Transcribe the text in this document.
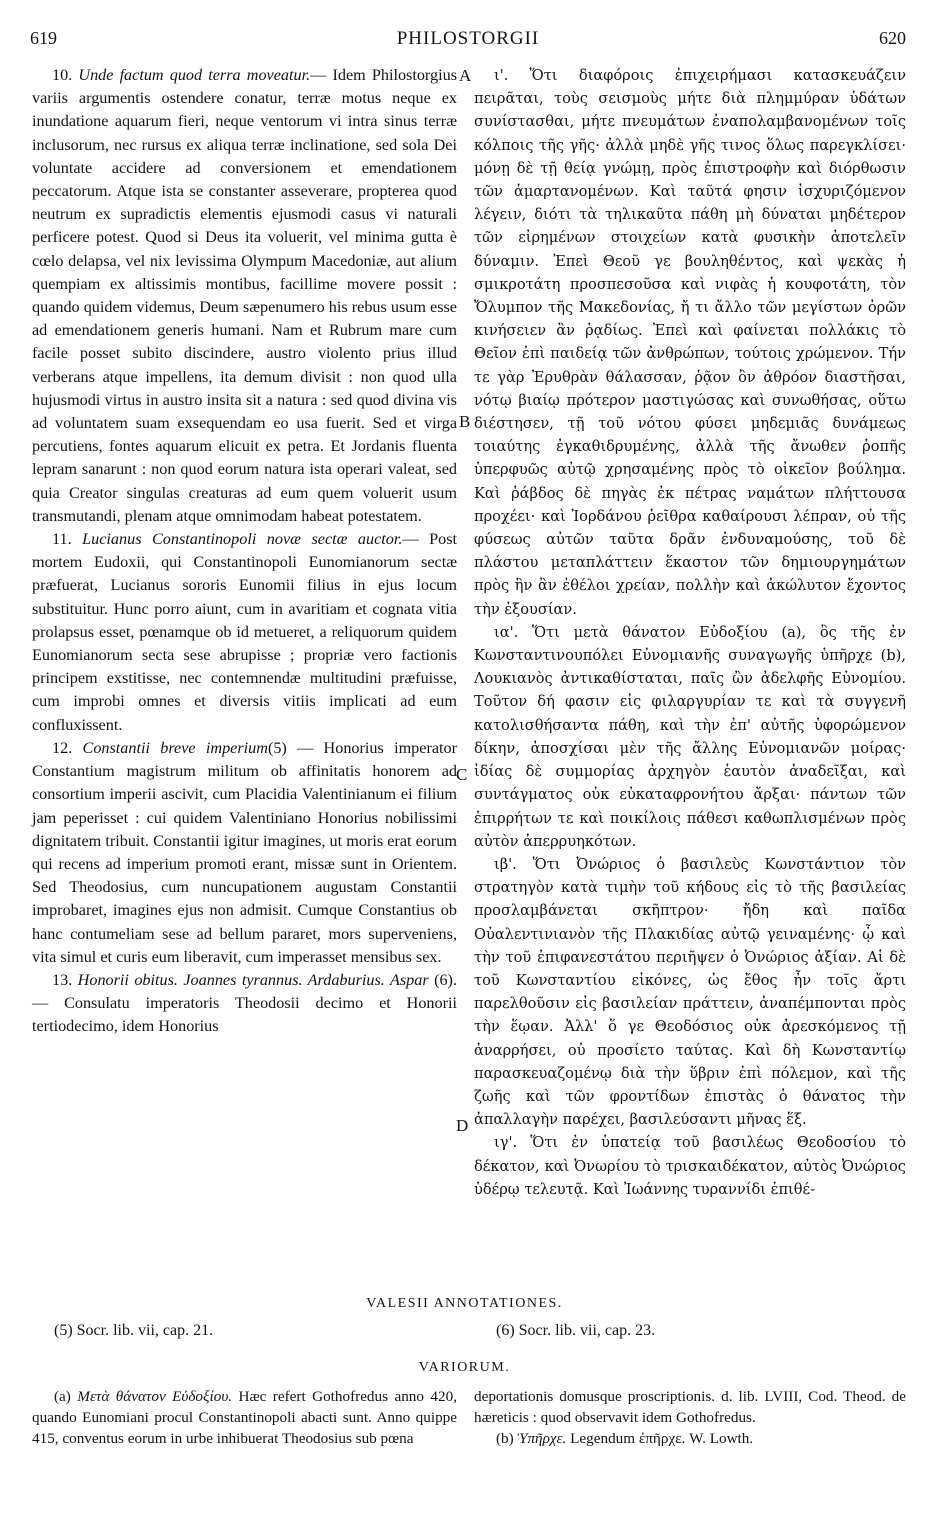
619	PHILOSTORGII	620

10. Unde factum quod terra moveatur.— Idem Philostorgius variis argumentis ostendere conatur, terræ motus neque ex inundatione aquarum fieri, neque ventorum vi intra sinus terræ inclusorum, nec rursus ex aliqua terræ inclinatione, sed sola Dei voluntate accidere ad conversionem et emendationem peccatorum. Atque ista se constanter asseverare, propterea quod neutrum ex supradictis elementis ejusmodi casus vi naturali perficere potest. Quod si Deus ita voluerit, vel minima gutta è cœlo delapsa, vel nix levissima Olympum Macedoniæ, aut alium quempiam ex altissimis montibus, facillime movere possit : quando quidem videmus, Deum sæpenumero his rebus usum esse ad emendationem generis humani. Nam et Rubrum mare cum facile posset subito discindere, austro violento prius illud verberans atque impellens, ita demum divisit : non quod ulla hujusmodi virtus in austro insita sit a natura : sed quod divina vis ad voluntatem suam exsequendam eo usa fuerit. Sed et virga percutiens, fontes aquarum elicuit ex petra. Et Jordanis fluenta lepram sanarunt : non quod eorum natura ista operari valeat, sed quia Creator singulas creaturas ad eum quem voluerit usum transmutandi, plenam atque omnimodam habeat potestatem.

11. Lucianus Constantinopoli novæ sectæ auctor.— Post mortem Eudoxii, qui Constantinopoli Eunomianorum sectæ præfuerat, Lucianus sororis Eunomii filius in ejus locum substituitur. Hunc porro aiunt, cum in avaritiam et cognata vitia prolapsus esset, pœnamque ob id metueret, a reliquorum quidem Eunomianorum secta sese abrupisse ; propriæ vero factionis principem exstitisse, nec contemnendæ multitudini præfuisse, cum improbi omnes et diversis vitiis implicati ad eum confluxissent.

12. Constantii breve imperium(5) — Honorius imperator Constantium magistrum militum ob affinitatis honorem ad consortium imperii ascivit, cum Placidia Valentinianum ei filium jam peperisset : cui quidem Valentiniano Honorius nobilissimi dignitatem tribuit. Constantii igitur imagines, ut moris erat eorum qui recens ad imperium promoti erant, missæ sunt in Orientem. Sed Theodosius, cum nuncupationem augustam Constantii improbaret, imagines ejus non admisit. Cumque Constantius ob hanc contumeliam sese ad bellum pararet, mors superveniens, vita simul et curis eum liberavit, cum imperasset mensibus sex.

13. Honorii obitus. Joannes tyrannus. Ardaburius. Aspar (6). — Consulatu imperatoris Theodosii decimo et Honorii tertiodecimo, idem Honorius

A
B
C
D

ι'. Ὅτι διαφόροις ἐπιχειρήμασι κατασκευάζειν πειρᾶται, τοὺς σεισμοὺς μήτε διὰ πλημμύραν ὑδάτων συνίστασθαι, μήτε πνευμάτων ἐναπολαμβανομένων τοῖς κόλποις τῆς γῆς· ἀλλὰ μηδὲ γῆς τινος ὅλως παρεγκλίσει· μόνῃ δὲ τῇ θείᾳ γνώμῃ, πρὸς ἐπιστροφὴν καὶ διόρθωσιν τῶν ἁμαρτανομένων. Καὶ ταῦτά φησιν ἰσχυριζόμενον λέγειν, διότι τὰ τηλικαῦτα πάθη μὴ δύναται μηδέτερον τῶν εἰρημένων στοιχείων κατὰ φυσικὴν ἀποτελεῖν δύναμιν. Ἐπεὶ Θεοῦ γε βουληθέντος, καὶ ψεκὰς ἡ σμικροτάτη προσπεσοῦσα καὶ νιφὰς ἡ κουφοτάτη, τὸν Ὄλυμπον τῆς Μακεδονίας, ἤ τι ἄλλο τῶν μεγίστων ὀρῶν κινήσειεν ἂν ῥᾳδίως. Ἐπεὶ καὶ φαίνεται πολλάκις τὸ Θεῖον ἐπὶ παιδείᾳ τῶν ἀνθρώπων, τούτοις χρώμενον. Τήν τε γὰρ Ἐρυθρὰν θάλασσαν, ῥᾷον ὂν ἀθρόον διαστῆσαι, νότῳ βιαίῳ πρότερον μαστιγώσας καὶ συνωθήσας, οὕτω διέστησεν, τῇ τοῦ νότου φύσει μηδεμιᾶς δυνάμεως τοιαύτης ἐγκαθιδρυμένης, ἀλλὰ τῆς ἄνωθεν ῥοπῆς ὑπερφυῶς αὐτῷ χρησαμένης πρὸς τὸ οἰκεῖον βούλημα. Καὶ ῥάβδος δὲ πηγὰς ἐκ πέτρας ναμάτων πλήττουσα προχέει· καὶ Ἰορδάνου ῥεῖθρα καθαίρουσι λέπραν, οὐ τῆς φύσεως αὐτῶν ταῦτα δρᾶν ἐνδυναμούσης, τοῦ δὲ πλάστου μεταπλάττειν ἕκαστον τῶν δημιουργημάτων πρὸς ἣν ἂν ἐθέλοι χρείαν, πολλὴν καὶ ἀκώλυτον ἔχοντος τὴν ἐξουσίαν.

ια'. Ὅτι μετὰ θάνατον Εὐδοξίου (a), ὃς τῆς ἐν Κωνσταντινουπόλει Εὐνομιανῆς συναγωγῆς ὑπῆρχε (b), Λουκιανὸς ἀντικαθίσταται, παῖς ὢν ἀδελφῆς Εὐνομίου. Τοῦτον δή φασιν εἰς φιλαργυρίαν τε καὶ τὰ συγγενῆ κατολισθήσαντα πάθη, καὶ τὴν ἐπ' αὐτῆς ὑφορώμενον δίκην, ἀποσχίσαι μὲν τῆς ἄλλης Εὐνομιανῶν μοίρας· ἰδίας δὲ συμμορίας ἀρχηγὸν ἑαυτὸν ἀναδεῖξαι, καὶ συντάγματος οὐκ εὐκαταφρονήτου ἄρξαι· πάντων τῶν ἐπιρρήτων τε καὶ ποικίλοις πάθεσι καθωπλισμένων πρὸς αὐτὸν ἀπερρυηκότων.

ιβ'. Ὅτι Ὀνώριος ὁ βασιλεὺς Κωνστάντιον τὸν στρατηγὸν κατὰ τιμὴν τοῦ κήδους εἰς τὸ τῆς βασιλείας προσλαμβάνεται σκῆπτρον· ἤδη καὶ παῖδα Οὐαλεντινιανὸν τῆς Πλακιδίας αὐτῷ γειναμένης· ᾧ καὶ τὴν τοῦ ἐπιφανεστάτου περιῆψεν ὁ Ὀνώριος ἀξίαν. Αἱ δὲ τοῦ Κωνσταντίου εἰκόνες, ὡς ἔθος ἦν τοῖς ἄρτι παρελθοῦσιν εἰς βασιλείαν πράττειν, ἀναπέμπονται πρὸς τὴν ἕῳαν. Ἀλλ' ὅ γε Θεοδόσιος οὐκ ἀρεσκόμενος τῇ ἀναρρήσει, οὐ προσίετο ταύτας. Καὶ δὴ Κωνσταντίῳ παρασκευαζομένῳ διὰ τὴν ὕβριν ἐπὶ πόλεμον, καὶ τῆς ζωῆς καὶ τῶν φροντίδων ἐπιστὰς ὁ θάνατος τὴν ἀπαλλαγὴν παρέχει, βασιλεύσαντι μῆνας ἕξ.

ιγ'. Ὅτι ἐν ὑπατείᾳ τοῦ βασιλέως Θεοδοσίου τὸ δέκατον, καὶ Ὀνωρίου τὸ τρισκαιδέκατον, αὐτὸς Ὀνώριος ὑδέρῳ τελευτᾷ. Καὶ Ἰωάννης τυραννίδι ἐπιθέ-

VALESII ANNOTATIONES.
(5) Socr. lib. vii, cap. 21.	(6) Socr. lib. vii, cap. 23.
VARIORUM.

(a) Μετὰ θάνατον Εὐδοξίου. Hæc refert Gothofredus anno 420, quando Eunomiani procul Constantinopoli abacti sunt. Anno quippe 415, conventus eorum in urbe inhibuerat Theodosius sub pœna

deportationis domusque proscriptionis. d. lib. LVIII, Cod. Theod. de hæreticis : quod observavit idem Gothofredus.

(b) Ὑπῆρχε. Legendum ἐπῆρχε. W. Lowth.
